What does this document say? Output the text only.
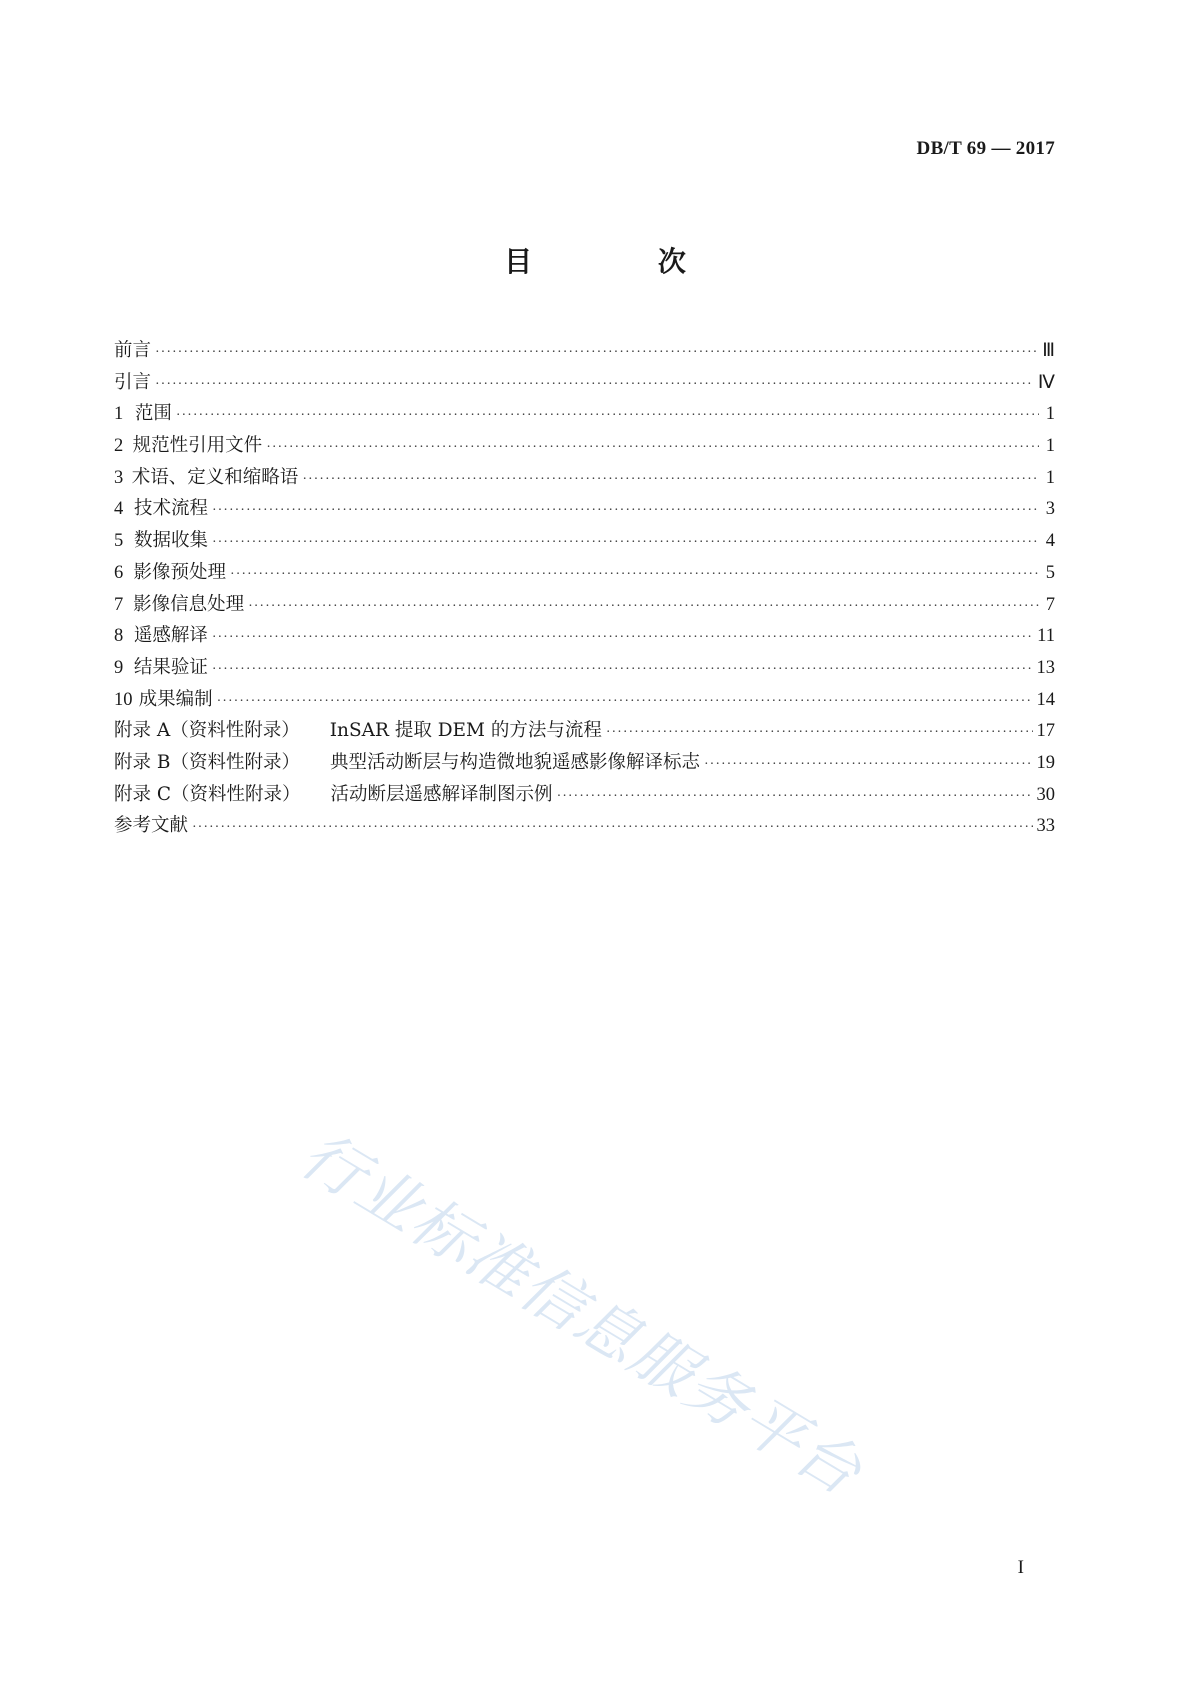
DB/T 69 — 2017
目 次
前言 ·····	Ⅲ
引言 ·····	Ⅳ
1 范围 ·····	1
2 规范性引用文件 ·····	1
3 术语、定义和缩略语 ·····	1
4 技术流程 ·····	3
5 数据收集 ·····	4
6 影像预处理 ·····	5
7 影像信息处理 ·····	7
8 遥感解译 ·····	11
9 结果验证 ·····	13
10 成果编制 ·····	14
附录 A（资料性附录） InSAR 提取 DEM 的方法与流程 ·····	17
附录 B（资料性附录） 典型活动断层与构造微地貌遥感影像解译标志 ·····	19
附录 C（资料性附录） 活动断层遥感解译制图示例 ·····	30
参考文献 ·····	33
行业标准信息服务平台
I
